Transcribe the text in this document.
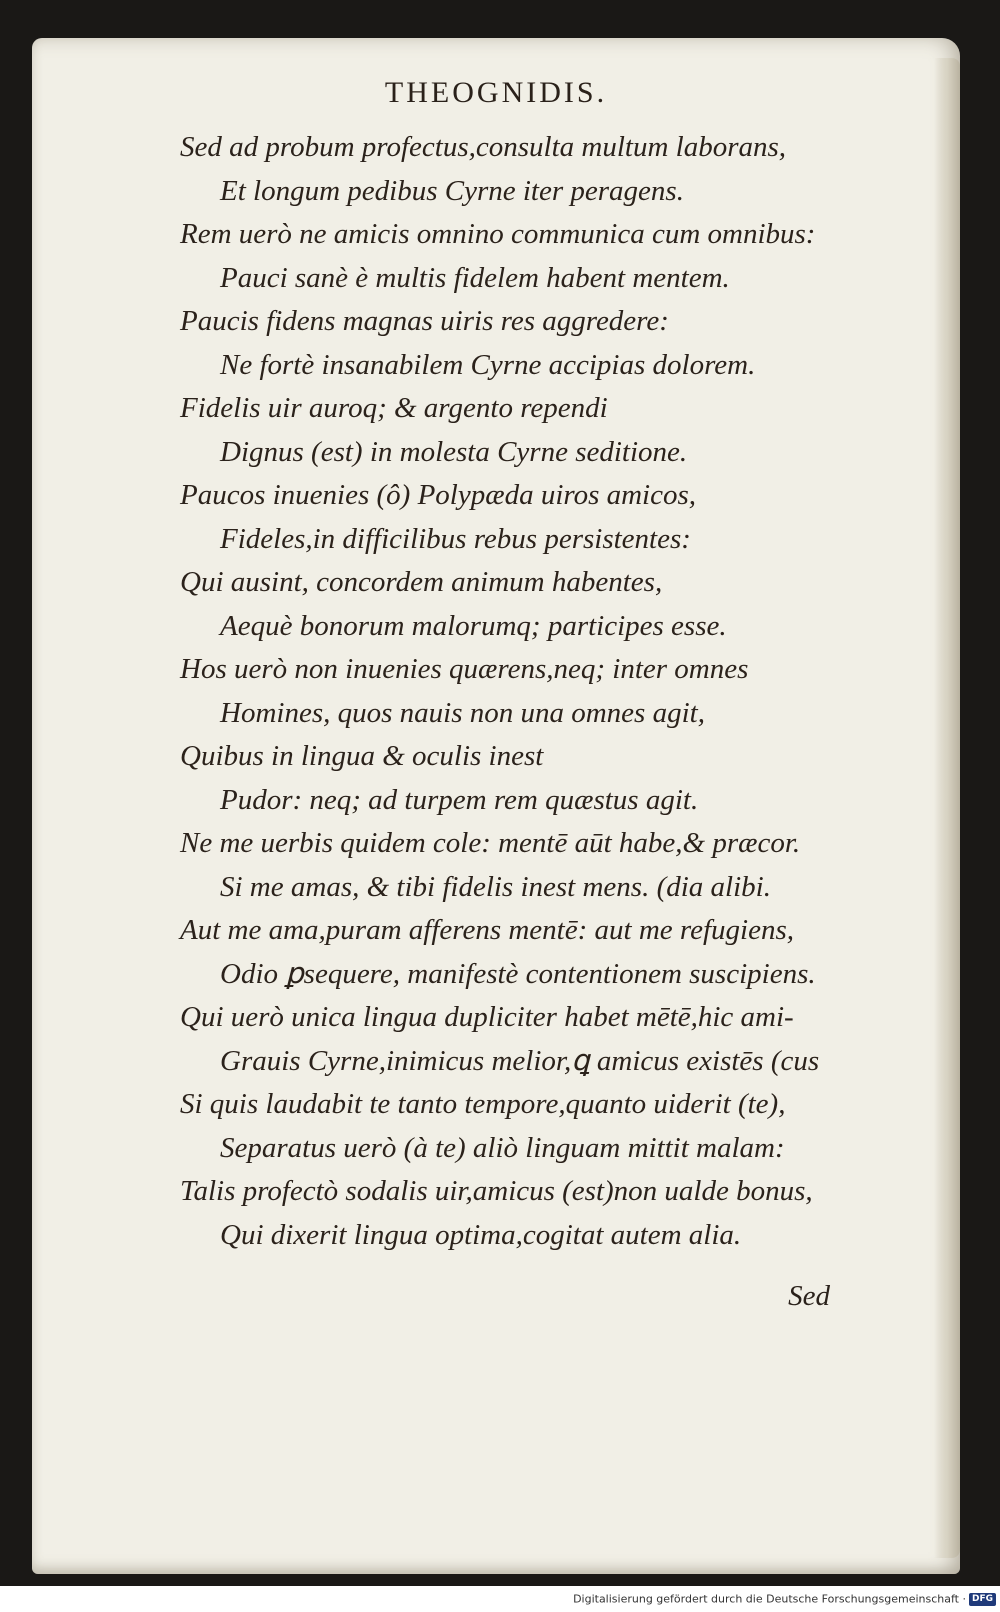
THEOGNIDIS.
Sed ad probum profectus,consulta multum laborans,
Et longum pedibus Cyrne iter peragens.
Rem uerò ne amicis omnino communica cum omnibus:
Pauci sanè è multis fidelem habent mentem.
Paucis fidens magnas uiris res aggredere:
Ne fortè insanabilem Cyrne accipias dolorem.
Fidelis uir auroq; & argento rependi
Dignus (est) in molesta Cyrne seditione.
Paucos inuenies (ô) Polypæda uiros amicos,
Fideles,in difficilibus rebus persistentes:
Qui ausint, concordem animum habentes,
Aequè bonorum malorumq; participes esse.
Hos uerò non inuenies quærens,neq; inter omnes
Homines, quos nauis non una omnes agit,
Quibus in lingua & oculis inest
Pudor: neq; ad turpem rem quæstus agit.
Ne me uerbis quidem cole: mentē aūt habe,& præcor.
Si me amas, & tibi fidelis inest mens. (dia alibi.
Aut me ama,puram afferens mentē: aut me refugiens,
Odio ꝑsequere, manifestè contentionem suscipiens.
Qui uerò unica lingua dupliciter habet mētē,hic ami-
Grauis Cyrne,inimicus melior,ꝗ amicus existēs (cus
Si quis laudabit te tanto tempore,quanto uiderit (te),
Separatus uerò (à te) aliò linguam mittit malam:
Talis profectò sodalis uir,amicus (est)non ualde bonus,
Qui dixerit lingua optima,cogitat autem alia.
Sed
Digitalisierung gefördert durch die Deutsche Forschungsgemeinschaft · DFG
